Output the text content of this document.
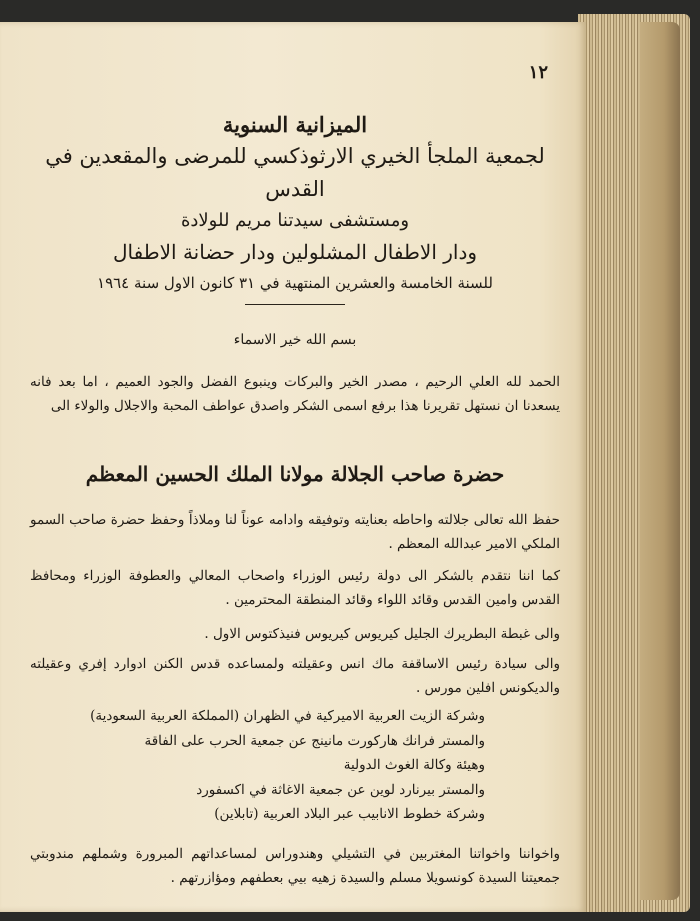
١٢
الميزانية السنوية
لجمعية الملجأ الخيري الارثوذكسي للمرضى والمقعدين في القدس
ومستشفى سيدتنا مريم للولادة
ودار الاطفال المشلولين ودار حضانة الاطفال
للسنة الخامسة والعشرين المنتهية في ٣١ كانون الاول سنة ١٩٦٤
بسم الله خير الاسماء
الحمد لله العلي الرحيم ، مصدر الخير والبركات وينبوع الفضل والجود العميم ، اما بعد فانه يسعدنا ان نستهل تقريرنا هذا برفع اسمى الشكر واصدق عواطف المحبة والاجلال والولاء الى
حضرة صاحب الجلالة مولانا الملك الحسين المعظم
حفظ الله تعالى جلالته واحاطه بعنايته وتوفيقه وادامه عوناً لنا وملاذاً وحفظ حضرة صاحب السمو الملكي الامير عبدالله المعظم .
كما اننا نتقدم بالشكر الى دولة رئيس الوزراء واصحاب المعالي والعطوفة الوزراء ومحافظ القدس وامين القدس وقائد اللواء وقائد المنطقة المحترمين .
والى غبطة البطريرك الجليل كيريوس كيريوس فنيذكتوس الاول .
والى سيادة رئيس الاساقفة ماك انس وعقيلته ولمساعده قدس الكنن ادوارد إفري وعقيلته والديكونس افلين مورس .
وشركة الزيت العربية الاميركية في الظهران (المملكة العربية السعودية)
والمستر فرانك هاركورت مانينج عن جمعية الحرب على الفاقة
وهيئة وكالة الغوث الدولية
والمستر بيرنارد لوين عن جمعية الاغاثة في اكسفورد
وشركة خطوط الانابيب عبر البلاد العربية (تابلاين)
واخواننا واخواتنا المغتربين في التشيلي وهندوراس لمساعداتهم المبرورة وشملهم مندوبتي جمعيتنا السيدة كونسويلا مسلم والسيدة زهيه بيي بعطفهم ومؤازرتهم .
